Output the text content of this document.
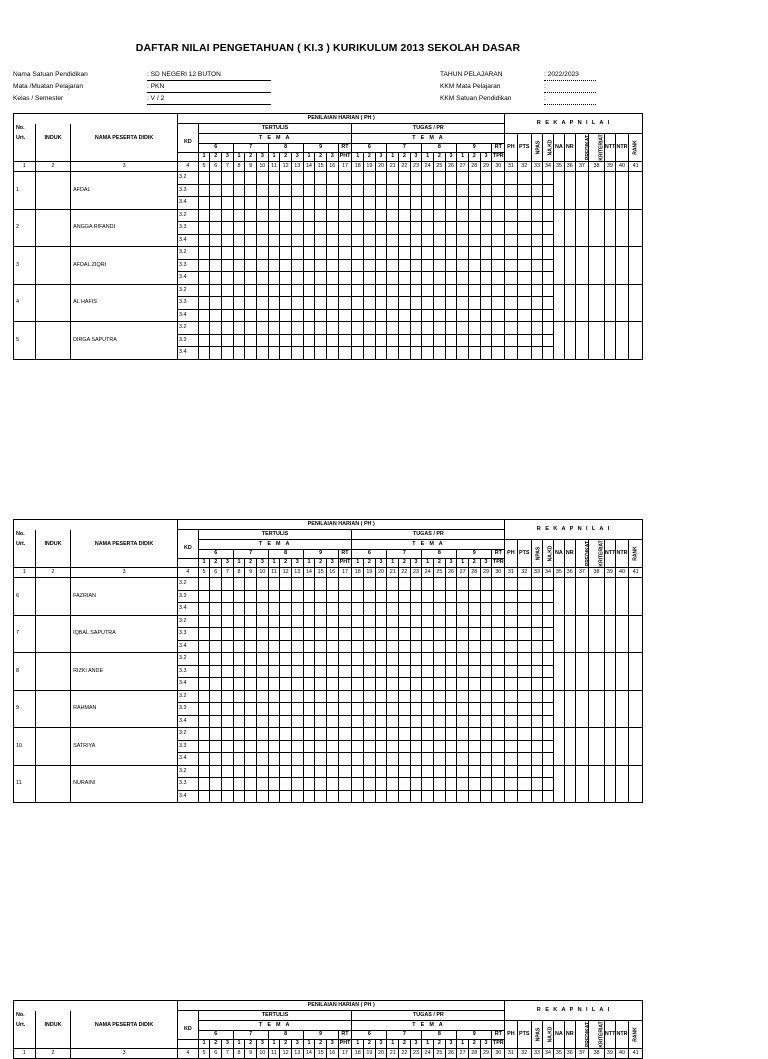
DAFTAR NILAI PENGETAHUAN ( KI.3 ) KURIKULUM 2013 SEKOLAH DASAR
Nama Satuan Pendidikan	: SD NEGERI 12 BUTON
Mata /Muatan Pelajaran	: PKN
Kelas / Semester	: V / 2
TAHUN PELAJARAN	: 2022/2023
KKM Mata Pelajaran	:
KKM Satuan Pendidikan	:
			PENILAIAN HARIAN ( PH )																											R E K A P N I L A I										
No.				TERTULIS													TUGAS / PR																							
Urt.	INDUK	NAMA PESERTA DIDIK	KD	T E M A													T E M A													PH	PTS	NPAS	NA.KD	NA	NR	PREDIKAT	KRITERIAT	NTT	NTR	RANK
				6			7			8			9			RT	6			7			8			9			RT											
				1	2	3	1	2	3	1	2	3	1	2	3	PHT	1	2	3	1	2	3	1	2	3	1	2	3	TPR											
1	2	3	4	5	6	7	8	9	10	11	12	13	14	15	16	17	18	19	20	21	22	23	24	25	26	27	28	29	30	31	32	33	34	35	36	37	38	39	40	41
1		AFDAL	3.2																																					
			3.3																																					
			3.4																																					
2		ANGGA RIFANDI	3.2																																					
			3.3																																					
			3.4																																					
3		AFDAL ZIQRI	3.2																																					
			3.3																																					
			3.4																																					
4		AL HAFIS	3.2																																					
			3.3																																					
			3.4																																					
5		DIRGA SAPUTRA	3.2																																					
			3.3																																					
			3.4																																					
			PENILAIAN HARIAN ( PH )																											R E K A P N I L A I										
No.				TERTULIS													TUGAS / PR																							
Urt.	INDUK	NAMA PESERTA DIDIK	KD	T E M A													T E M A													PH	PTS	NPAS	NA.KD	NA	NR	PREDIKAT	KRITERIAT	NTT	NTR	RANK
				6			7			8			9			RT	6			7			8			9			RT											
				1	2	3	1	2	3	1	2	3	1	2	3	PHT	1	2	3	1	2	3	1	2	3	1	2	3	TPR											
1	2	3	4	5	6	7	8	9	10	11	12	13	14	15	16	17	18	19	20	21	22	23	24	25	26	27	28	29	30	31	32	33	34	35	36	37	38	39	40	41
6		FAZRIAN	3.2																																					
			3.3																																					
			3.4																																					
7		IQBAL SAPUTRA	3.2																																					
			3.3																																					
			3.4																																					
8		RIZKI ANDE	3.2																																					
			3.3																																					
			3.4																																					
9		RAHMAN	3.2																																					
			3.3																																					
			3.4																																					
10		SATRIYA	3.2																																					
			3.3																																					
			3.4																																					
11		NURAINI	3.2																																					
			3.3																																					
			3.4																																					
			PENILAIAN HARIAN ( PH )																											R E K A P N I L A I										
No.				TERTULIS													TUGAS / PR																							
Urt.	INDUK	NAMA PESERTA DIDIK	KD	T E M A													T E M A													PH	PTS	NPAS	NA.KD	NA	NR	PREDIKAT	KRITERIAT	NTT	NTR	RANK
				6			7			8			9			RT	6			7			8			9			RT											
				1	2	3	1	2	3	1	2	3	1	2	3	PHT	1	2	3	1	2	3	1	2	3	1	2	3	TPR											
1	2	3	4	5	6	7	8	9	10	11	12	13	14	15	16	17	18	19	20	21	22	23	24	25	26	27	28	29	30	31	32	33	34	35	36	37	38	39	40	41
